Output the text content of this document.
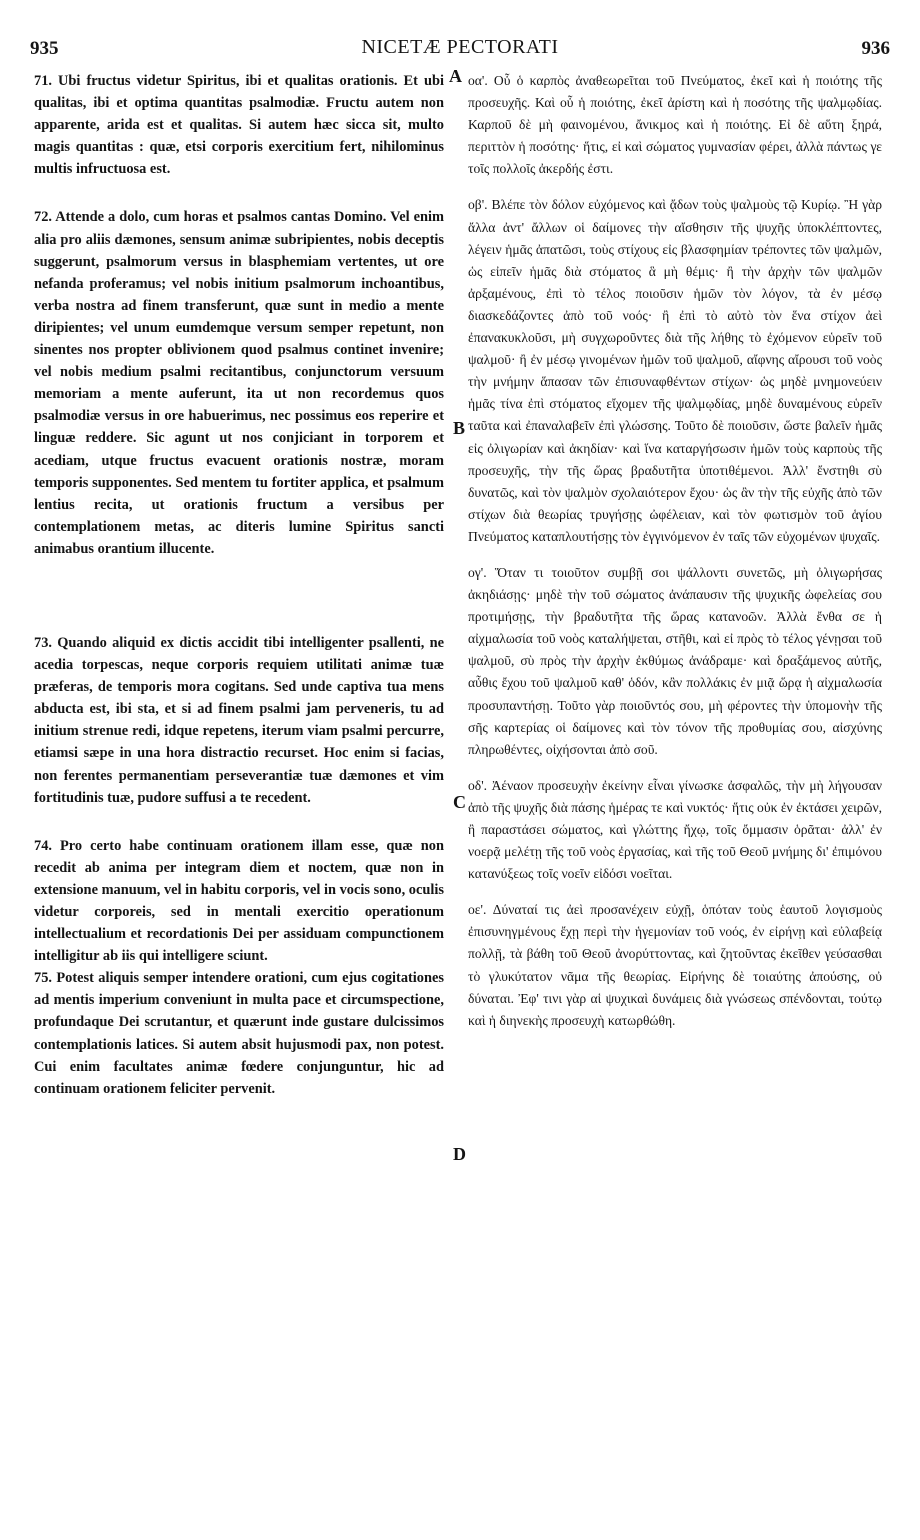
935	NICETÆ PECTORATI	936
A
B
C
D

71. Ubi fructus videtur Spiritus, ibi et qualitas orationis. Et ubi qualitas, ibi et optima quantitas psalmodiæ. Fructu autem non apparente, arida est et qualitas. Si autem hæc sicca sit, multo magis quantitas : quæ, etsi corporis exercitium fert, nihilominus multis infructuosa est.

72. Attende a dolo, cum horas et psalmos cantas Domino. Vel enim alia pro aliis dæmones, sensum animæ subripientes, nobis deceptis suggerunt, psalmorum versus in blasphemiam vertentes, ut ore nefanda proferamus; vel nobis initium psalmorum inchoantibus, verba nostra ad finem transferunt, quæ sunt in medio a mente diripientes; vel unum eumdemque versum semper repetunt, non sinentes nos propter oblivionem quod psalmus continet invenire; vel nobis medium psalmi recitantibus, conjunctorum versuum memoriam a mente auferunt, ita ut non recordemus quos psalmodiæ versus in ore habuerimus, nec possimus eos reperire et linguæ reddere. Sic agunt ut nos conjiciant in torporem et acediam, utque fructus evacuent orationis nostræ, moram temporis supponentes. Sed mentem tu fortiter applica, et psalmum lentius recita, ut orationis fructum a versibus per contemplationem metas, ac diteris lumine Spiritus sancti animabus orantium illucente.

73. Quando aliquid ex dictis accidit tibi intelligenter psallenti, ne acedia torpescas, neque corporis requiem utilitati animæ tuæ præferas, de temporis mora cogitans. Sed unde captiva tua mens abducta est, ibi sta, et si ad finem psalmi jam perveneris, tu ad initium strenue redi, idque repetens, iterum viam psalmi percurre, etiamsi sæpe in una hora distractio recurset. Hoc enim si facias, non ferentes permanentiam perseverantiæ tuæ dæmones et vim fortitudinis tuæ, pudore suffusi a te recedent.

74. Pro certo habe continuam orationem illam esse, quæ non recedit ab anima per integram diem et noctem, quæ non in extensione manuum, vel in habitu corporis, vel in vocis sono, oculis videtur corporeis, sed in mentali exercitio operationum intellectualium et recordationis Dei per assiduam compunctionem intelligitur ab iis qui intelligere sciunt.

75. Potest aliquis semper intendere orationi, cum ejus cogitationes ad mentis imperium conveniunt in multa pace et circumspectione, profundaque Dei scrutantur, et quærunt inde gustare dulcissimos contemplationis latices. Si autem absit hujusmodi pax, non potest. Cui enim facultates animæ fœdere conjunguntur, hic ad continuam orationem feliciter pervenit.

οα'. Οὗ ὁ καρπὸς ἀναθεωρεῖται τοῦ Πνεύματος, ἐκεῖ καὶ ἡ ποιότης τῆς προσευχῆς. Καὶ οὗ ἡ ποιότης, ἐκεῖ ἀρίστη καὶ ἡ ποσότης τῆς ψαλμῳδίας. Καρποῦ δὲ μὴ φαινομένου, ἄνικμος καὶ ἡ ποιότης. Εἰ δὲ αὕτη ξηρά, περιττὸν ἡ ποσότης· ἥτις, εἰ καὶ σώματος γυμνασίαν φέρει, ἀλλὰ πάντως γε τοῖς πολλοῖς ἀκερδής ἐστι.

οβ'. Βλέπε τὸν δόλον εὐχόμενος καὶ ᾄδων τοὺς ψαλμοὺς τῷ Κυρίῳ. Ἢ γὰρ ἄλλα ἀντ' ἄλλων οἱ δαίμονες τὴν αἴσθησιν τῆς ψυχῆς ὑποκλέπτοντες, λέγειν ἡμᾶς ἀπατῶσι, τοὺς στίχους εἰς βλασφημίαν τρέποντες τῶν ψαλμῶν, ὡς εἰπεῖν ἡμᾶς διὰ στόματος ἃ μὴ θέμις· ἢ τὴν ἀρχὴν τῶν ψαλμῶν ἀρξαμένους, ἐπὶ τὸ τέλος ποιοῦσιν ἡμῶν τὸν λόγον, τὰ ἐν μέσῳ διασκεδάζοντες ἀπὸ τοῦ νοός· ἢ ἐπὶ τὸ αὐτὸ τὸν ἕνα στίχον ἀεὶ ἐπανακυκλοῦσι, μὴ συγχωροῦντες διὰ τῆς λήθης τὸ ἐχόμενον εὑρεῖν τοῦ ψαλμοῦ· ἢ ἐν μέσῳ γινομένων ἡμῶν τοῦ ψαλμοῦ, αἴφνης αἴρουσι τοῦ νοὸς τὴν μνήμην ἅπασαν τῶν ἐπισυναφθέντων στίχων· ὡς μηδὲ μνημονεύειν ἡμᾶς τίνα ἐπὶ στόματος εἴχομεν τῆς ψαλμῳδίας, μηδὲ δυναμένους εὑρεῖν ταῦτα καὶ ἐπαναλαβεῖν ἐπὶ γλώσσης. Τοῦτο δὲ ποιοῦσιν, ὥστε βαλεῖν ἡμᾶς εἰς ὀλιγωρίαν καὶ ἀκηδίαν· καὶ ἵνα καταργήσωσιν ἡμῶν τοὺς καρποὺς τῆς προσευχῆς, τὴν τῆς ὥρας βραδυτῆτα ὑποτιθέμενοι. Ἀλλ' ἔνστηθι σὺ δυνατῶς, καὶ τὸν ψαλμὸν σχολαιότερον ἔχου· ὡς ἂν τὴν τῆς εὐχῆς ἀπὸ τῶν στίχων διὰ θεωρίας τρυγήσῃς ὠφέλειαν, καὶ τὸν φωτισμὸν τοῦ ἁγίου Πνεύματος καταπλουτήσῃς τὸν ἐγγινόμενον ἐν ταῖς τῶν εὐχομένων ψυχαῖς.

ογ'. Ὅταν τι τοιοῦτον συμβῇ σοι ψάλλοντι συνετῶς, μὴ ὀλιγωρήσας ἀκηδιάσῃς· μηδὲ τὴν τοῦ σώματος ἀνάπαυσιν τῆς ψυχικῆς ὠφελείας σου προτιμήσῃς, τὴν βραδυτῆτα τῆς ὥρας κατανοῶν. Ἀλλὰ ἔνθα σε ἡ αἰχμαλωσία τοῦ νοὸς καταλήψεται, στῆθι, καὶ εἰ πρὸς τὸ τέλος γένῃσαι τοῦ ψαλμοῦ, σὺ πρὸς τὴν ἀρχὴν ἐκθύμως ἀνάδραμε· καὶ δραξάμενος αὐτῆς, αὖθις ἔχου τοῦ ψαλμοῦ καθ' ὁδόν, κἂν πολλάκις ἐν μιᾷ ὥρᾳ ἡ αἰχμαλωσία προσυπαντήσῃ. Τοῦτο γὰρ ποιοῦντός σου, μὴ φέροντες τὴν ὑπομονὴν τῆς σῆς καρτερίας οἱ δαίμονες καὶ τὸν τόνον τῆς προθυμίας σου, αἰσχύνης πληρωθέντες, οἰχήσονται ἀπὸ σοῦ.

οδ'. Ἀέναον προσευχὴν ἐκείνην εἶναι γίνωσκε ἀσφαλῶς, τὴν μὴ λήγουσαν ἀπὸ τῆς ψυχῆς διὰ πάσης ἡμέρας τε καὶ νυκτός· ἥτις οὐκ ἐν ἐκτάσει χειρῶν, ἢ παραστάσει σώματος, καὶ γλώττης ἤχῳ, τοῖς ὄμμασιν ὁρᾶται· ἀλλ' ἐν νοερᾷ μελέτῃ τῆς τοῦ νοὸς ἐργασίας, καὶ τῆς τοῦ Θεοῦ μνήμης δι' ἐπιμόνου κατανύξεως τοῖς νοεῖν εἰδόσι νοεῖται.

οε'. Δύναταί τις ἀεὶ προσανέχειν εὐχῇ, ὁπόταν τοὺς ἑαυτοῦ λογισμοὺς ἐπισυνηγμένους ἔχῃ περὶ τὴν ἡγεμονίαν τοῦ νοός, ἐν εἰρήνῃ καὶ εὐλαβείᾳ πολλῇ, τὰ βάθη τοῦ Θεοῦ ἀνορύττοντας, καὶ ζητοῦντας ἐκεῖθεν γεύσασθαι τὸ γλυκύτατον νᾶμα τῆς θεωρίας. Εἰρήνης δὲ τοιαύτης ἀπούσης, οὐ δύναται. Ἐφ' τινι γὰρ αἱ ψυχικαὶ δυνάμεις διὰ γνώσεως σπένδονται, τούτῳ καὶ ἡ διηνεκὴς προσευχὴ κατωρθώθη.
